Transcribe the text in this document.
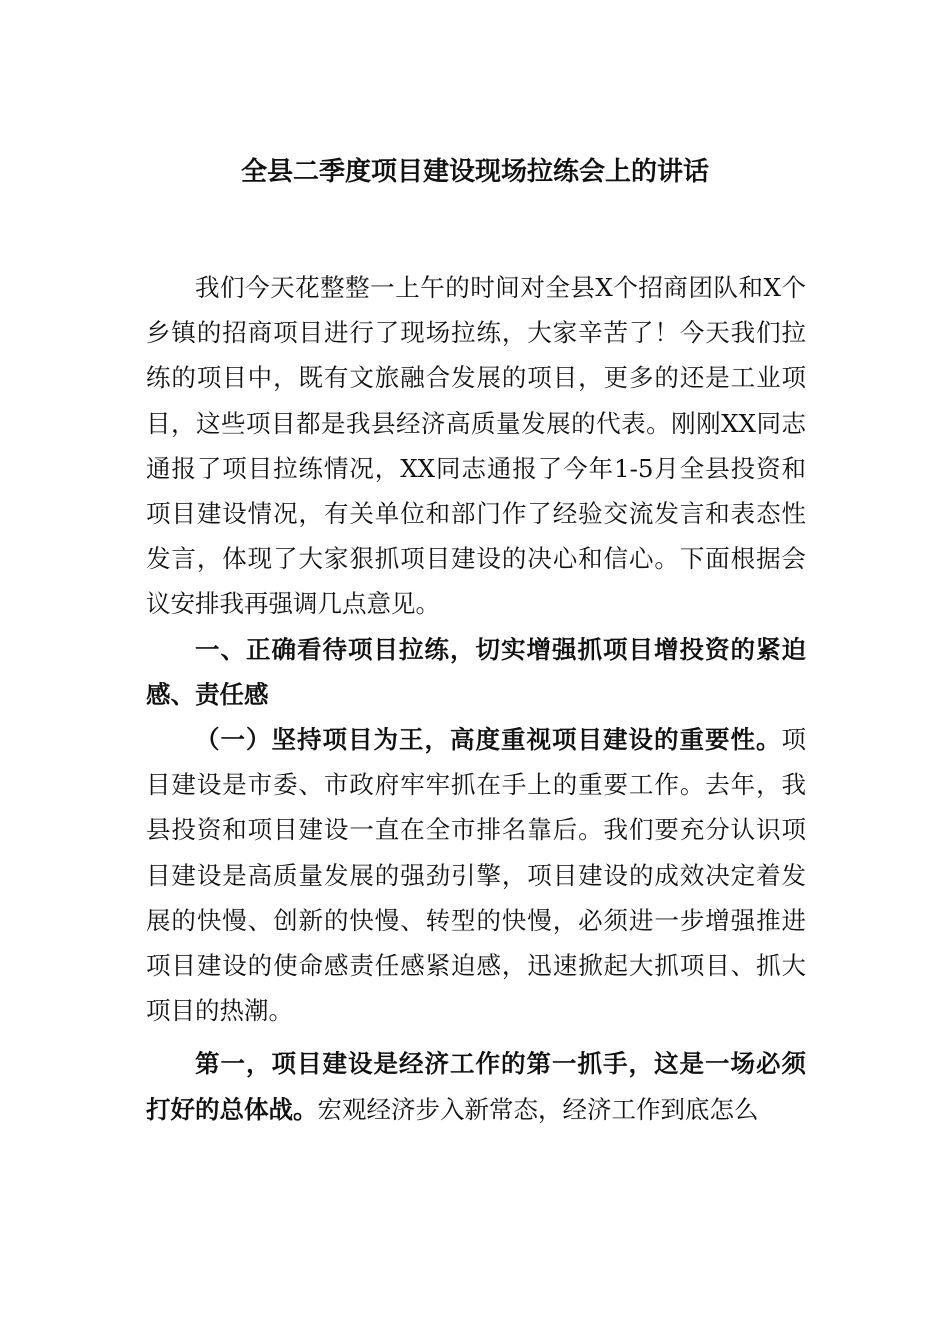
全县二季度项目建设现场拉练会上的讲话

我们今天花整整一上午的时间对全县X个招商团队和X个乡镇的招商项目进行了现场拉练，大家辛苦了！今天我们拉练的项目中，既有文旅融合发展的项目，更多的还是工业项目，这些项目都是我县经济高质量发展的代表。刚刚XX同志通报了项目拉练情况，XX同志通报了今年1-5月全县投资和项目建设情况，有关单位和部门作了经验交流发言和表态性发言，体现了大家狠抓项目建设的决心和信心。下面根据会议安排我再强调几点意见。

一、正确看待项目拉练，切实增强抓项目增投资的紧迫感、责任感

（一）坚持项目为王，高度重视项目建设的重要性。项目建设是市委、市政府牢牢抓在手上的重要工作。去年，我县投资和项目建设一直在全市排名靠后。我们要充分认识项目建设是高质量发展的强劲引擎，项目建设的成效决定着发展的快慢、创新的快慢、转型的快慢，必须进一步增强推进项目建设的使命感责任感紧迫感，迅速掀起大抓项目、抓大项目的热潮。

第一，项目建设是经济工作的第一抓手，这是一场必须打好的总体战。宏观经济步入新常态，经济工作到底怎么
